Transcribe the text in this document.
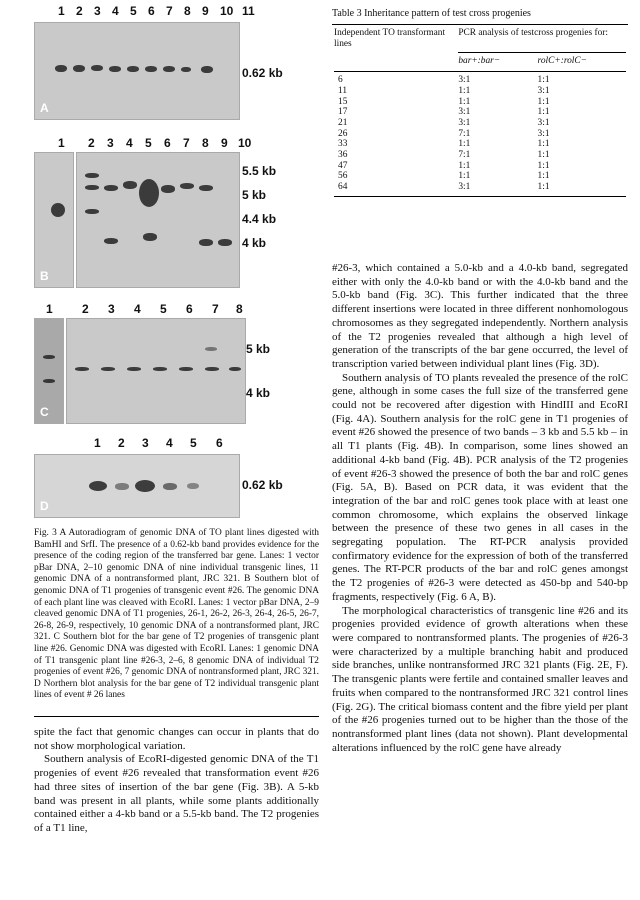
1 2 3 4 5 6 7 8 9 10 11
A
0.62 kb
1 2 3 4 5 6 7 8 9 10
B
5.5 kb
5 kb
4.4 kb
4 kb
1 2 3 4 5 6 7 8
C
5 kb
4 kb
1 2 3 4 5 6
D
0.62 kb
Fig. 3 A Autoradiogram of genomic DNA of TO plant lines digested with BamHI and SrfI. The presence of a 0.62-kb band provides evidence for the presence of the coding region of the transferred bar gene. Lanes: 1 vector pBar DNA, 2–10 genomic DNA of nine individual transgenic lines, 11 genomic DNA of a nontransformed plant, JRC 321. B Southern blot of genomic DNA of T1 progenies of transgenic event #26. The genomic DNA of each plant line was cleaved with EcoRI. Lanes: 1 vector pBar DNA, 2–9 cleaved genomic DNA of T1 progenies, 26-1, 26-2, 26-3, 26-4, 26-5, 26-7, 26-8, 26-9, respectively, 10 genomic DNA of a nontransformed plant, JRC 321. C Southern blot for the bar gene of T2 progenies of transgenic plant line #26. Genomic DNA was digested with EcoRI. Lanes: 1 genomic DNA of T1 transgenic plant line #26-3, 2–6, 8 genomic DNA of individual T2 progenies of event #26, 7 genomic DNA of nontransformed plant, JRC 321. D Northern blot analysis for the bar gene of T2 individual transgenic plant lines of event # 26 lanes

spite the fact that genomic changes can occur in plants that do not show morphological variation.

Southern analysis of EcoRI-digested genomic DNA of the T1 progenies of event #26 revealed that transformation event #26 had three sites of insertion of the bar gene (Fig. 3B). A 5-kb band was present in all plants, while some plants additionally contained either a 4-kb band or a 5.5-kb band. The T2 progenies of a T1 line,

Table 3 Inheritance pattern of test cross progenies
Independent TO transformant lines	PCR analysis of testcross progenies for:	

	bar+:bar−	rolC+:rolC−

6	3:1	1:1
11	1:1	3:1
15	1:1	1:1
17	3:1	1:1
21	3:1	3:1
26	7:1	3:1
33	1:1	1:1
36	7:1	1:1
47	1:1	1:1
56	1:1	1:1
64	3:1	1:1

#26-3, which contained a 5.0-kb and a 4.0-kb band, segregated either with only the 4.0-kb band or with the 4.0-kb band and the 5.0-kb band (Fig. 3C). This further indicated that the three different insertions were located in three different nonhomologous chromosomes as they segregated independently. Northern analysis of the T2 progenies revealed that although a high level of generation of the transcripts of the bar gene occurred, the level of transcription varied between individual plant lines (Fig. 3D).

Southern analysis of TO plants revealed the presence of the rolC gene, although in some cases the full size of the transferred gene could not be recovered after digestion with HindIII and EcoRI (Fig. 4A). Southern analysis for the rolC gene in T1 progenies of event #26 showed the presence of two bands – 3 kb and 5.5 kb – in all T1 plants (Fig. 4B). In comparison, some lines showed an additional 4-kb band (Fig. 4B). PCR analysis of the T2 progenies of event #26-3 showed the presence of both the bar and rolC genes (Fig. 5A, B). Based on PCR data, it was evident that the integration of the bar and rolC genes took place with at least one common chromosome, which explains the observed linkage between the presence of these two genes in all cases in the segregating population. The RT-PCR analysis provided confirmatory evidence for the expression of both of the transferred genes. The RT-PCR products of the bar and rolC genes amongst the T2 progenies of #26-3 were detected as 450-bp and 540-bp fragments, respectively (Fig. 6 A, B).

The morphological characteristics of transgenic line #26 and its progenies provided evidence of growth alterations when these were compared to nontransformed plants. The progenies of #26-3 were characterized by a multiple branching habit and produced side branches, unlike nontransformed JRC 321 plants (Fig. 2E, F). The transgenic plants were fertile and contained smaller leaves and fruits when compared to the nontransformed JRC 321 control lines (Fig. 2G). The critical biomass content and the fibre yield per plant of the #26 progenies turned out to be higher than the those of the nontransformed plant lines (data not shown). Plant developmental alterations influenced by the rolC gene have already
